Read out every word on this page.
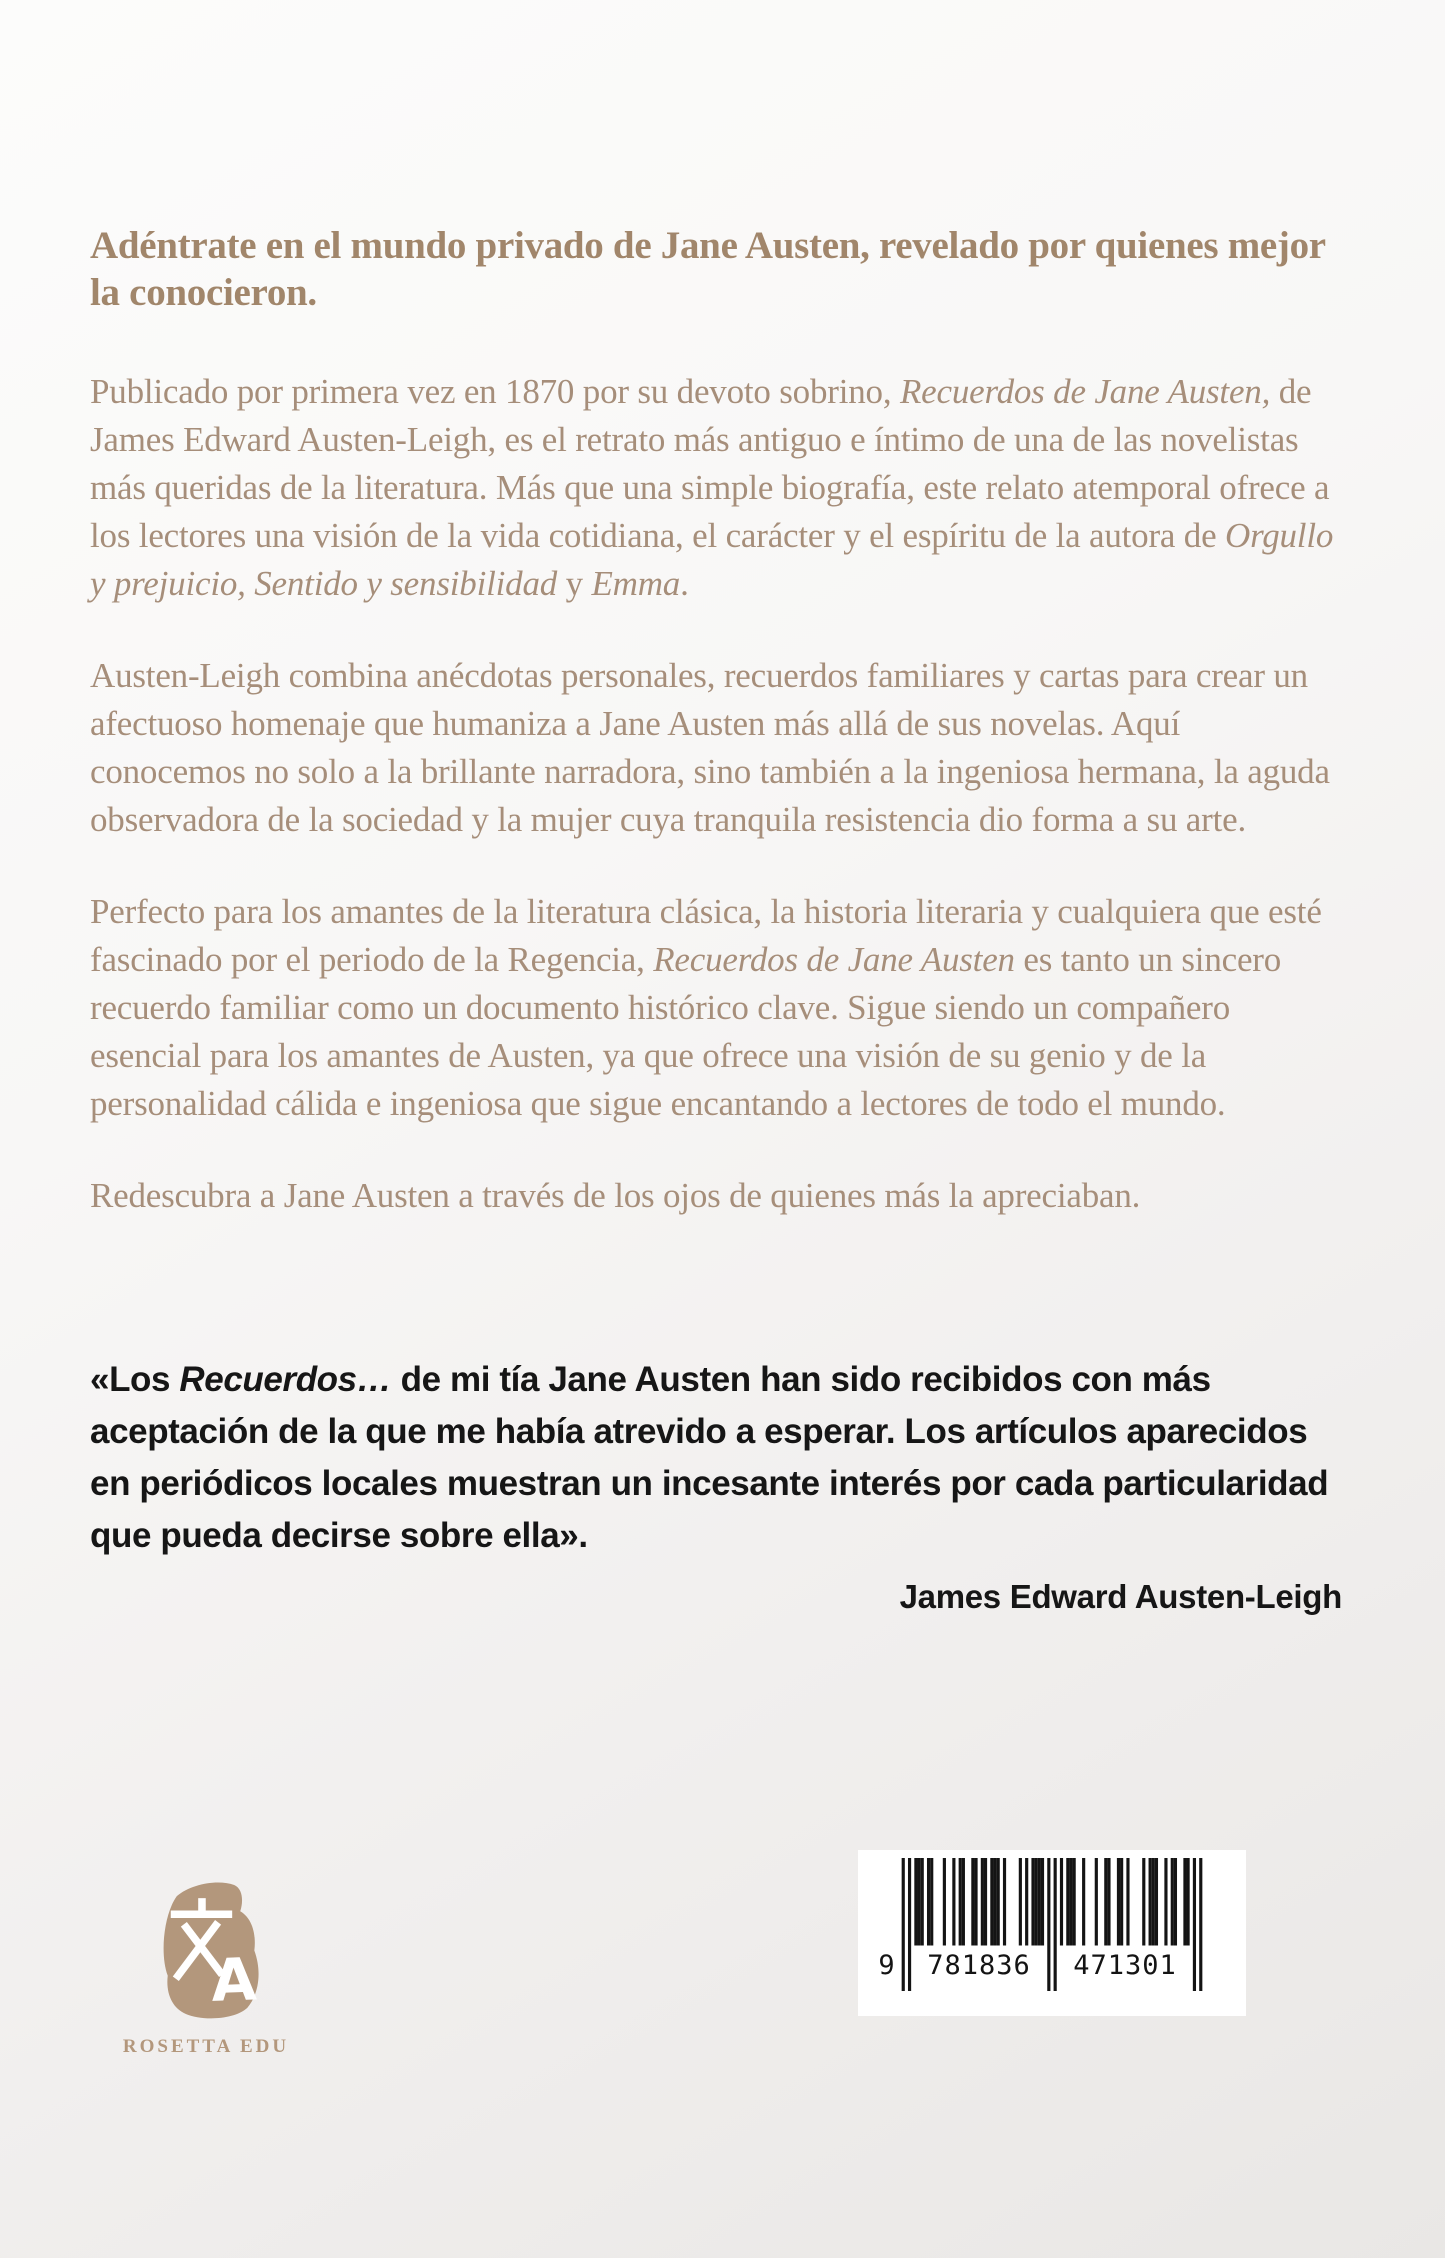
Adéntrate en el mundo privado de Jane Austen, revelado por quienes mejor la conocieron.

Publicado por primera vez en 1870 por su devoto sobrino, Recuerdos de Jane Austen, de James Edward Austen-Leigh, es el retrato más antiguo e íntimo de una de las novelistas más queridas de la literatura. Más que una simple biografía, este relato atemporal ofrece a los lectores una visión de la vida cotidiana, el carácter y el espíritu de la autora de Orgullo y prejuicio, Sentido y sensibilidad y Emma.

Austen-Leigh combina anécdotas personales, recuerdos familiares y cartas para crear un afectuoso homenaje que humaniza a Jane Austen más allá de sus novelas. Aquí conocemos no solo a la brillante narradora, sino también a la ingeniosa hermana, la aguda observadora de la sociedad y la mujer cuya tranquila resistencia dio forma a su arte.

Perfecto para los amantes de la literatura clásica, la historia literaria y cualquiera que esté fascinado por el periodo de la Regencia, Recuerdos de Jane Austen es tanto un sincero recuerdo familiar como un documento histórico clave. Sigue siendo un compañero esencial para los amantes de Austen, ya que ofrece una visión de su genio y de la personalidad cálida e ingeniosa que sigue encantando a lectores de todo el mundo.

Redescubra a Jane Austen a través de los ojos de quienes más la apreciaban.

«Los Recuerdos… de mi tía Jane Austen han sido recibidos con más aceptación de la que me había atrevido a esperar. Los artículos aparecidos en periódicos locales muestran un incesante interés por cada particularidad que pueda decirse sobre ella».

James Edward Austen-Leigh
A
ROSETTA EDU
9	781836	471301
